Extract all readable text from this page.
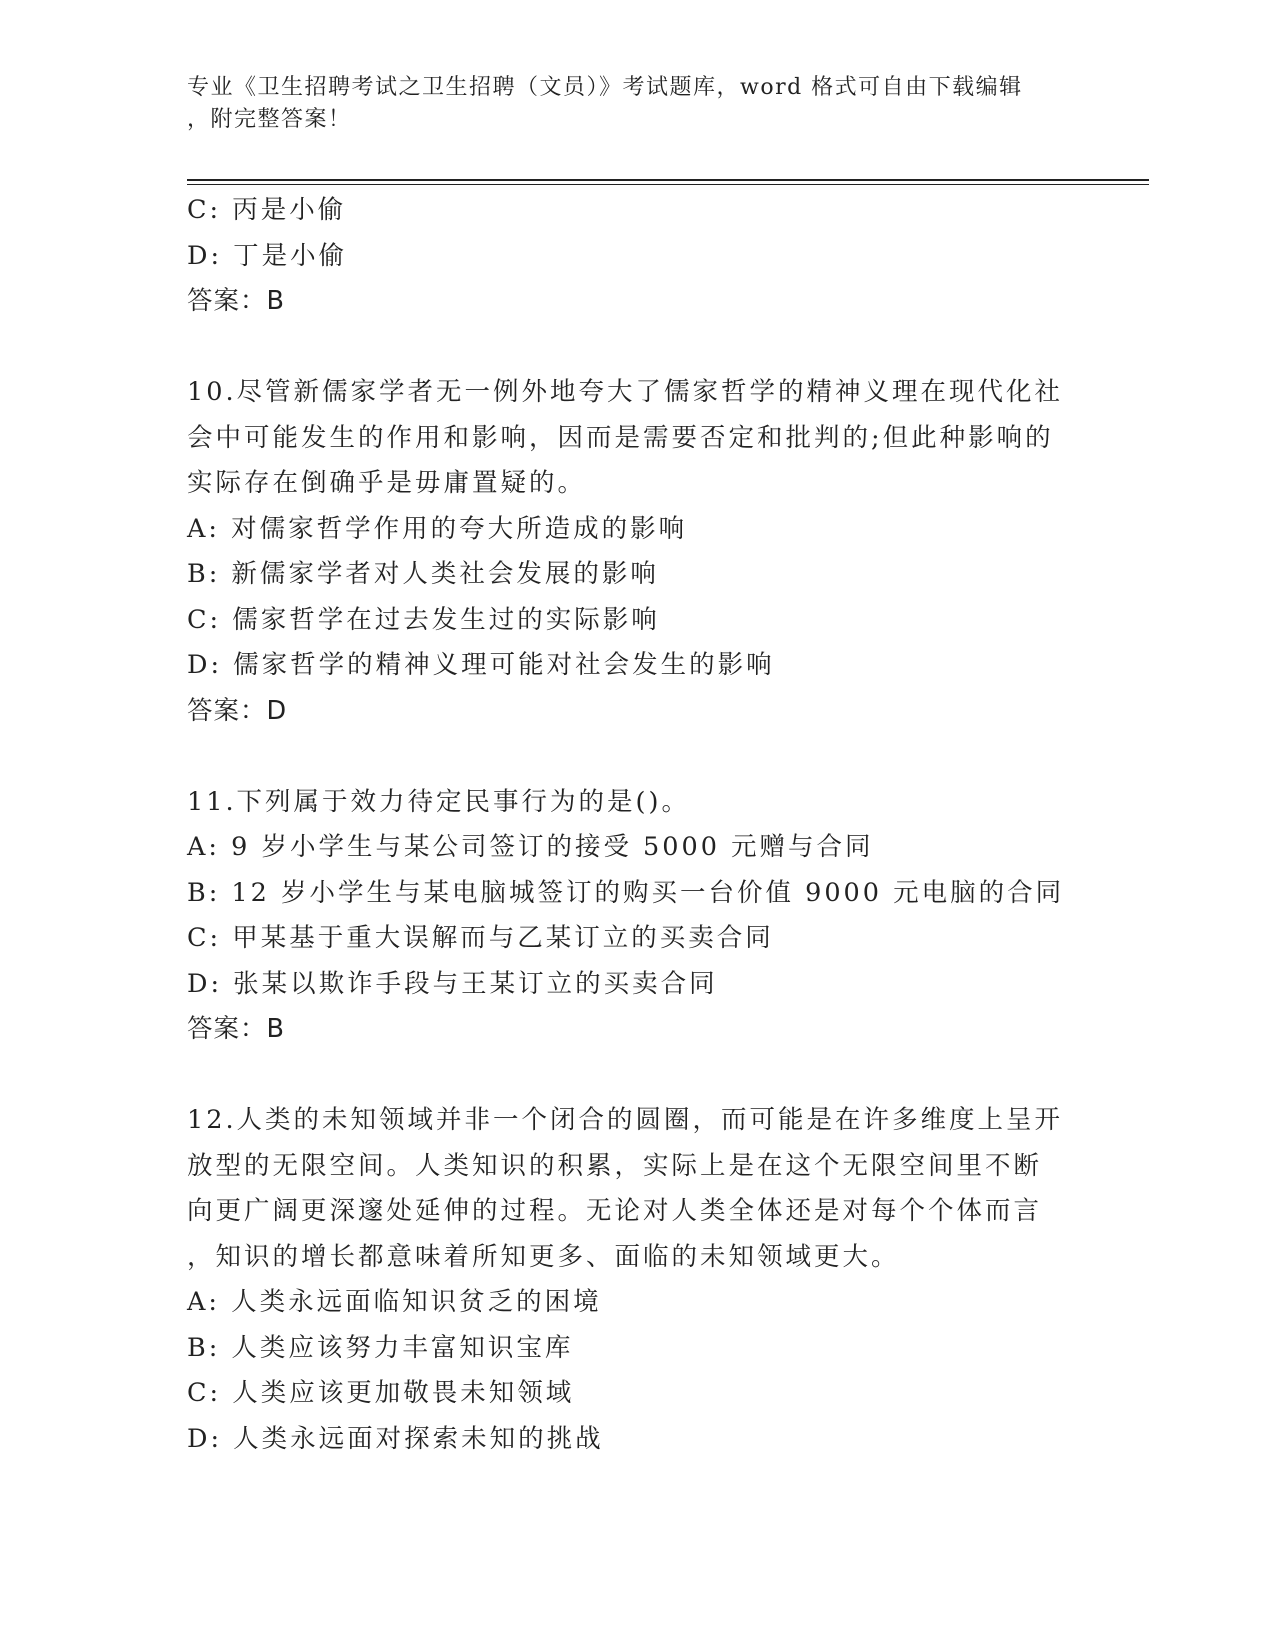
专业《卫生招聘考试之卫生招聘（文员）》考试题库，word 格式可自由下载编辑
，附完整答案！
C: 丙是小偷
D: 丁是小偷
答案：B
10.尽管新儒家学者无一例外地夸大了儒家哲学的精神义理在现代化社
会中可能发生的作用和影响，因而是需要否定和批判的;但此种影响的
实际存在倒确乎是毋庸置疑的。
A: 对儒家哲学作用的夸大所造成的影响
B: 新儒家学者对人类社会发展的影响
C: 儒家哲学在过去发生过的实际影响
D: 儒家哲学的精神义理可能对社会发生的影响
答案：D
11.下列属于效力待定民事行为的是()。
A: 9 岁小学生与某公司签订的接受 5000 元赠与合同
B: 12 岁小学生与某电脑城签订的购买一台价值 9000 元电脑的合同
C: 甲某基于重大误解而与乙某订立的买卖合同
D: 张某以欺诈手段与王某订立的买卖合同
答案：B
12.人类的未知领域并非一个闭合的圆圈，而可能是在许多维度上呈开
放型的无限空间。人类知识的积累，实际上是在这个无限空间里不断
向更广阔更深邃处延伸的过程。无论对人类全体还是对每个个体而言
，知识的增长都意味着所知更多、面临的未知领域更大。
A: 人类永远面临知识贫乏的困境
B: 人类应该努力丰富知识宝库
C: 人类应该更加敬畏未知领域
D: 人类永远面对探索未知的挑战
